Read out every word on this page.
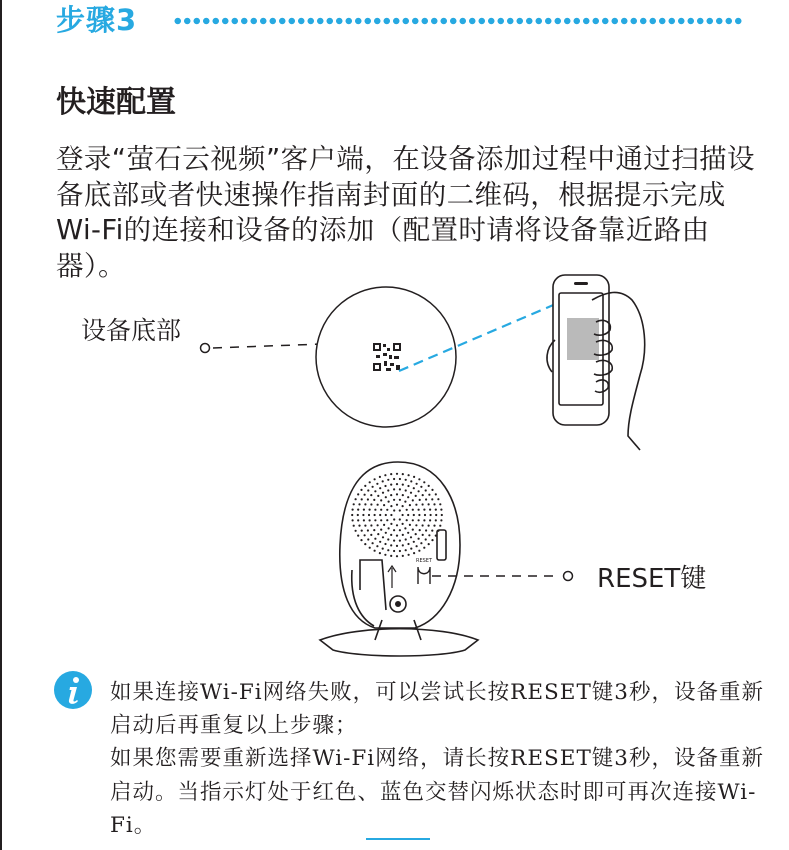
步骤3
快速配置
登录“萤石云视频”客户端，在设备添加过程中通过扫描设备底部或者快速操作指南封面的二维码，根据提示完成Wi-Fi的连接和设备的添加（配置时请将设备靠近路由器）。
RESET
设备底部
RESET键

如果连接Wi-Fi网络失败，可以尝试长按RESET键3秒，设备重新启动后再重复以上步骤；

如果您需要重新选择Wi-Fi网络，请长按RESET键3秒，设备重新启动。当指示灯处于红色、蓝色交替闪烁状态时即可再次连接Wi-Fi。
